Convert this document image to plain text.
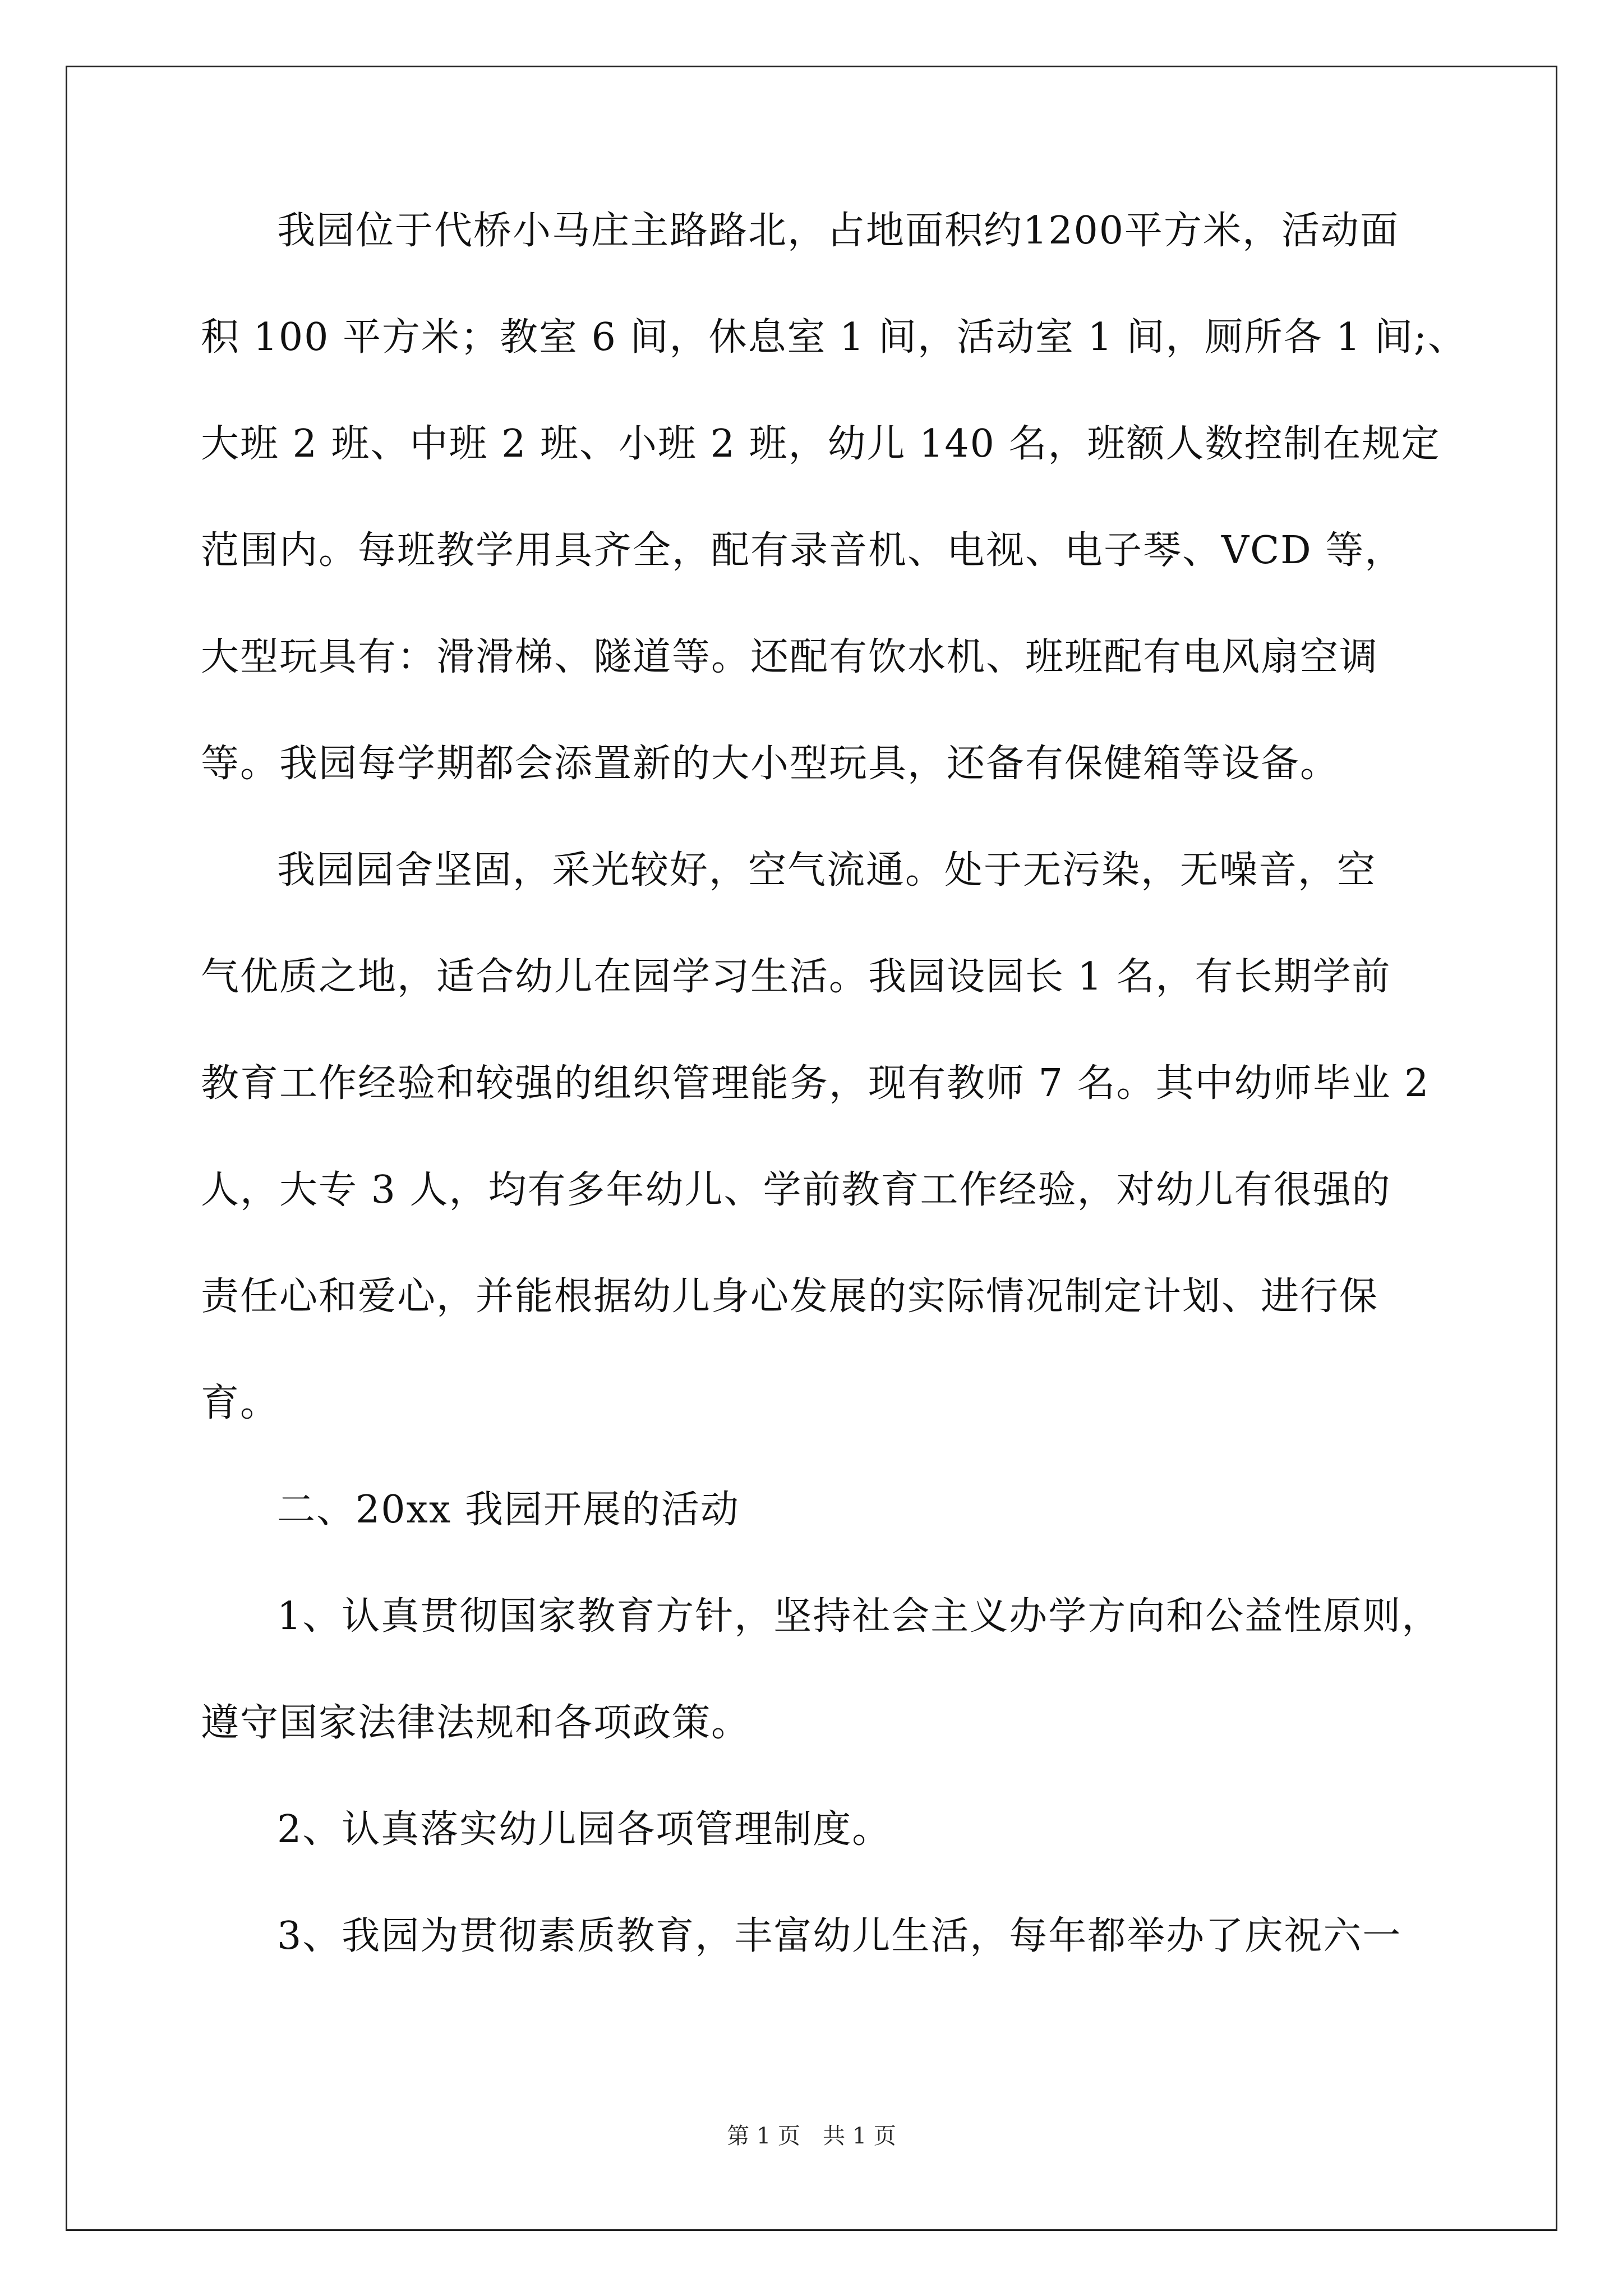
我园位于代桥小马庄主路路北，占地面积约1200平方米，活动面
积 100 平方米；教室 6 间，休息室 1 间，活动室 1 间，厕所各 1 间;、
大班 2 班、中班 2 班、小班 2 班，幼儿 140 名，班额人数控制在规定
范围内。每班教学用具齐全，配有录音机、电视、电子琴、VCD 等，
大型玩具有：滑滑梯、隧道等。还配有饮水机、班班配有电风扇空调
等。我园每学期都会添置新的大小型玩具，还备有保健箱等设备。
我园园舍坚固，采光较好，空气流通。处于无污染，无噪音，空
气优质之地，适合幼儿在园学习生活。我园设园长 1 名，有长期学前
教育工作经验和较强的组织管理能务，现有教师 7 名。其中幼师毕业 2
人，大专 3 人，均有多年幼儿、学前教育工作经验，对幼儿有很强的
责任心和爱心，并能根据幼儿身心发展的实际情况制定计划、进行保
育。
二、20xx 我园开展的活动
1、认真贯彻国家教育方针，坚持社会主义办学方向和公益性原则，
遵守国家法律法规和各项政策。
2、认真落实幼儿园各项管理制度。
3、我园为贯彻素质教育，丰富幼儿生活，每年都举办了庆祝六一
第 1 页　共 1 页
